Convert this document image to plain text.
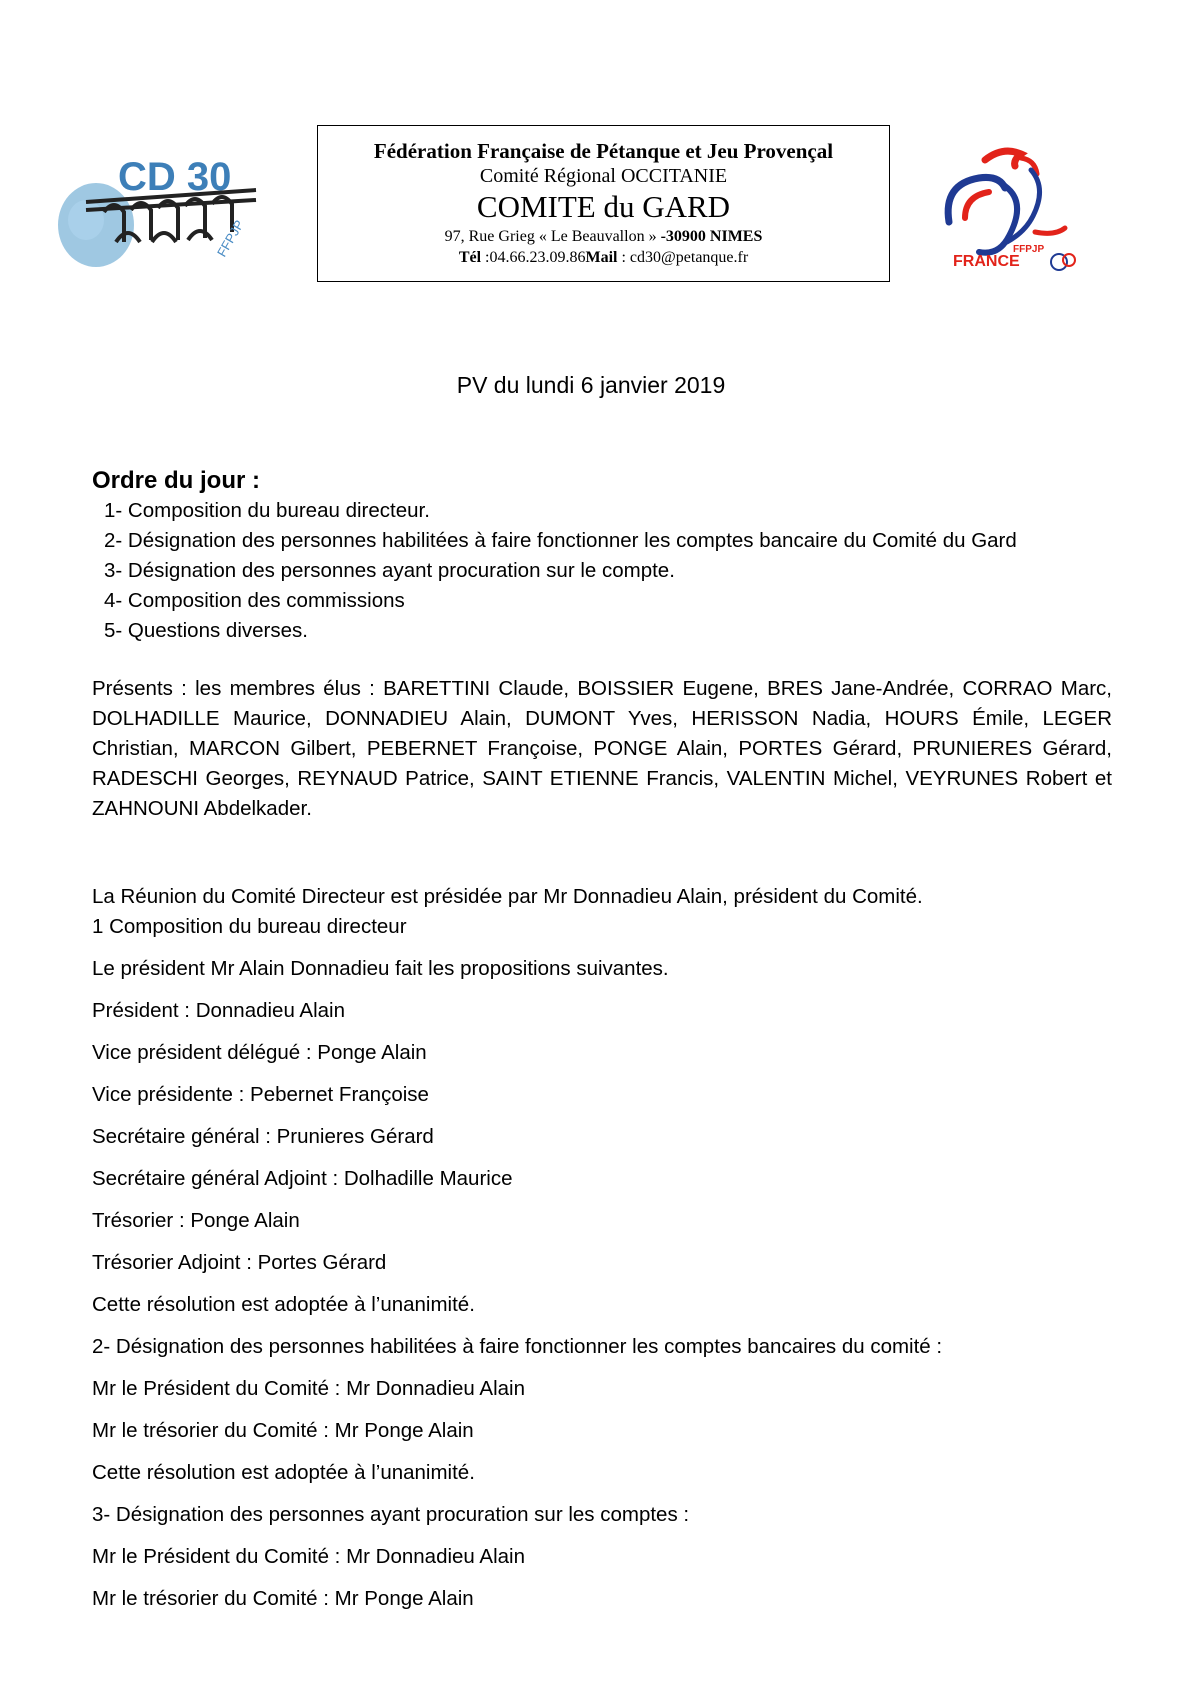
CD 30
FFPJP
Fédération Française de Pétanque et Jeu Provençal
Comité Régional OCCITANIE
COMITE du GARD
97, Rue Grieg « Le Beauvallon » -30900 NIMES
Tél :04.66.23.09.86Mail : cd30@petanque.fr	FFPJP
FRANCE
PV du lundi 6 janvier 2019
Ordre du jour :
1- Composition du bureau directeur.
2- Désignation des personnes habilitées à faire fonctionner les comptes bancaire du Comité du Gard
3- Désignation des personnes ayant procuration sur le compte.
4- Composition des commissions
5- Questions diverses.
Présents : les membres élus : BARETTINI Claude, BOISSIER Eugene, BRES Jane-Andrée, CORRAO Marc, DOLHADILLE Maurice, DONNADIEU Alain, DUMONT Yves, HERISSON Nadia, HOURS Émile, LEGER Christian, MARCON Gilbert, PEBERNET Françoise, PONGE Alain, PORTES Gérard, PRUNIERES Gérard, RADESCHI Georges, REYNAUD Patrice, SAINT ETIENNE Francis, VALENTIN Michel, VEYRUNES Robert et ZAHNOUNI Abdelkader.
La Réunion du Comité Directeur est présidée par Mr Donnadieu Alain, président du Comité.
1 Composition du bureau directeur
Le président Mr Alain Donnadieu fait les propositions suivantes.
Président : Donnadieu Alain
Vice président délégué : Ponge Alain
Vice présidente : Pebernet Françoise
Secrétaire général : Prunieres Gérard
Secrétaire général Adjoint : Dolhadille Maurice
Trésorier : Ponge Alain
Trésorier Adjoint : Portes Gérard
Cette résolution est adoptée à l’unanimité.
2- Désignation des personnes habilitées à faire fonctionner les comptes bancaires du comité :
Mr le Président du Comité : Mr Donnadieu Alain
Mr le trésorier du Comité : Mr Ponge Alain
Cette résolution est adoptée à l’unanimité.
3- Désignation des personnes ayant procuration sur les comptes :
Mr le Président du Comité : Mr Donnadieu Alain
Mr le trésorier du Comité : Mr Ponge Alain
